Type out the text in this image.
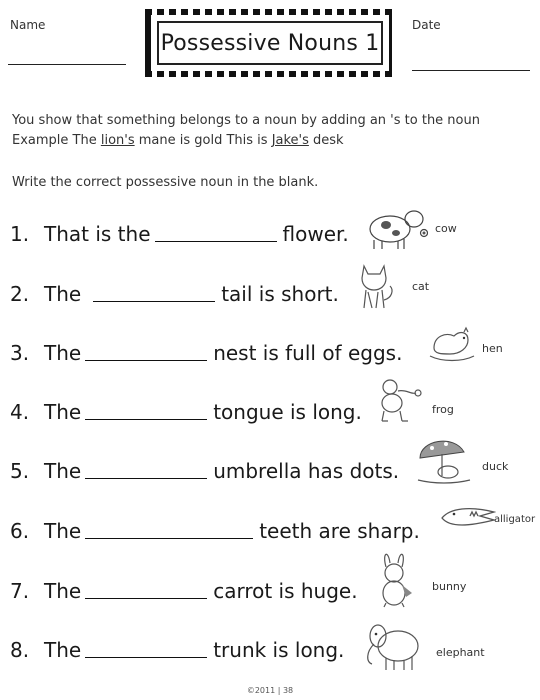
Name
Possessive Nouns 1
Date
You show that something belongs to a noun by adding an 's to the noun
Example The lion's mane is gold This is Jake's desk
Write the correct possessive noun in the blank.
1. That is the	flower.
2. The	tail is short.
3. The	nest is full of eggs.
4. The	tongue is long.
5. The	umbrella has dots.
6. The	teeth are sharp.
7. The	carrot is huge.
8. The	trunk is long.
cow
cat
hen
frog
duck
alligator
bunny
elephant
©2011 | 38
